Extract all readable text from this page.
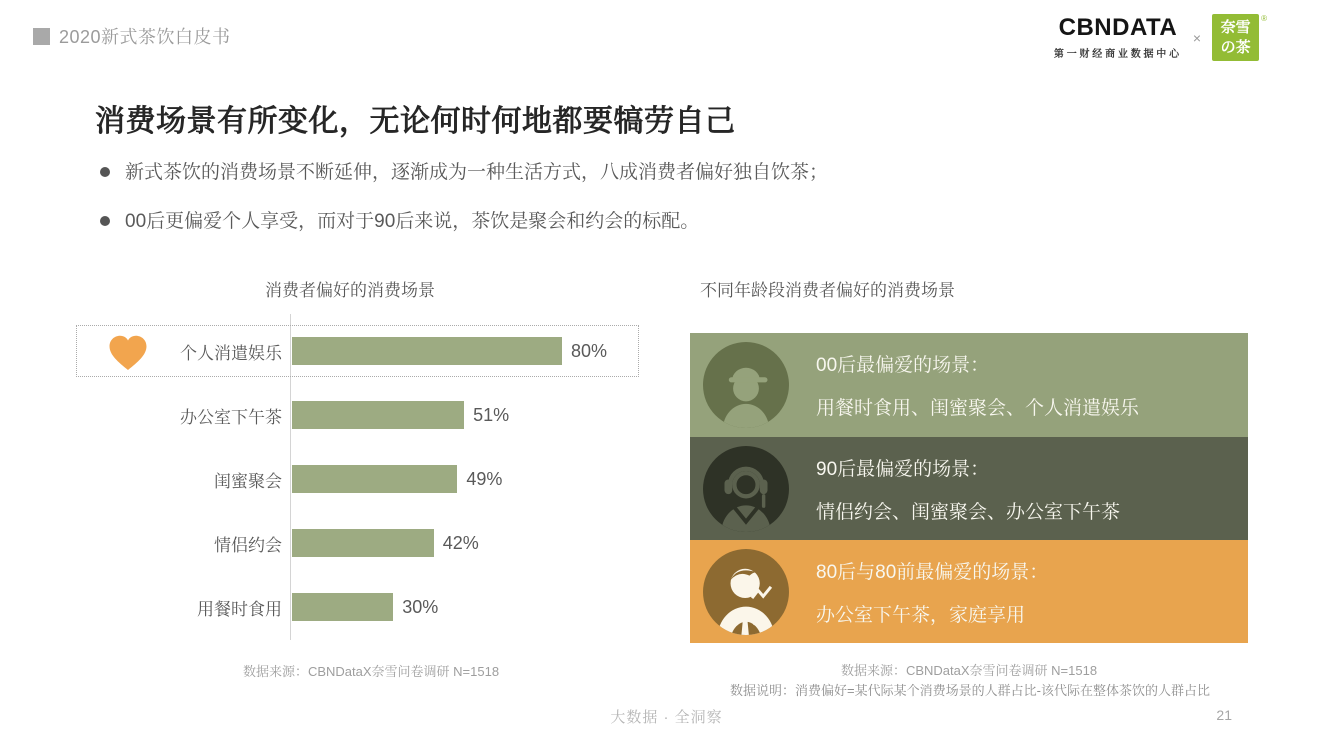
2020新式茶饮白皮书	CBNDATA
第一财经商业数据中心
×
奈雪
の茶
®
消费场景有所变化，无论何时何地都要犒劳自己
新式茶饮的消费场景不断延伸，逐渐成为一种生活方式，八成消费者偏好独自饮茶；
00后更偏爱个人享受，而对于90后来说，茶饮是聚会和约会的标配。
消费者偏好的消费场景
个人消遣娱乐	80%
办公室下午茶	51%
闺蜜聚会	49%
情侣约会	42%
用餐时食用	30%
数据来源：CBNDataX奈雪问卷调研 N=1518
不同年龄段消费者偏好的消费场景
00后最偏爱的场景：
用餐时食用、闺蜜聚会、个人消遣娱乐
90后最偏爱的场景：
情侣约会、闺蜜聚会、办公室下午茶
80后与80前最偏爱的场景：
办公室下午茶，家庭享用
数据来源：CBNDataX奈雪问卷调研 N=1518
数据说明：消费偏好=某代际某个消费场景的人群占比-该代际在整体茶饮的人群占比
大数据 · 全洞察	21
